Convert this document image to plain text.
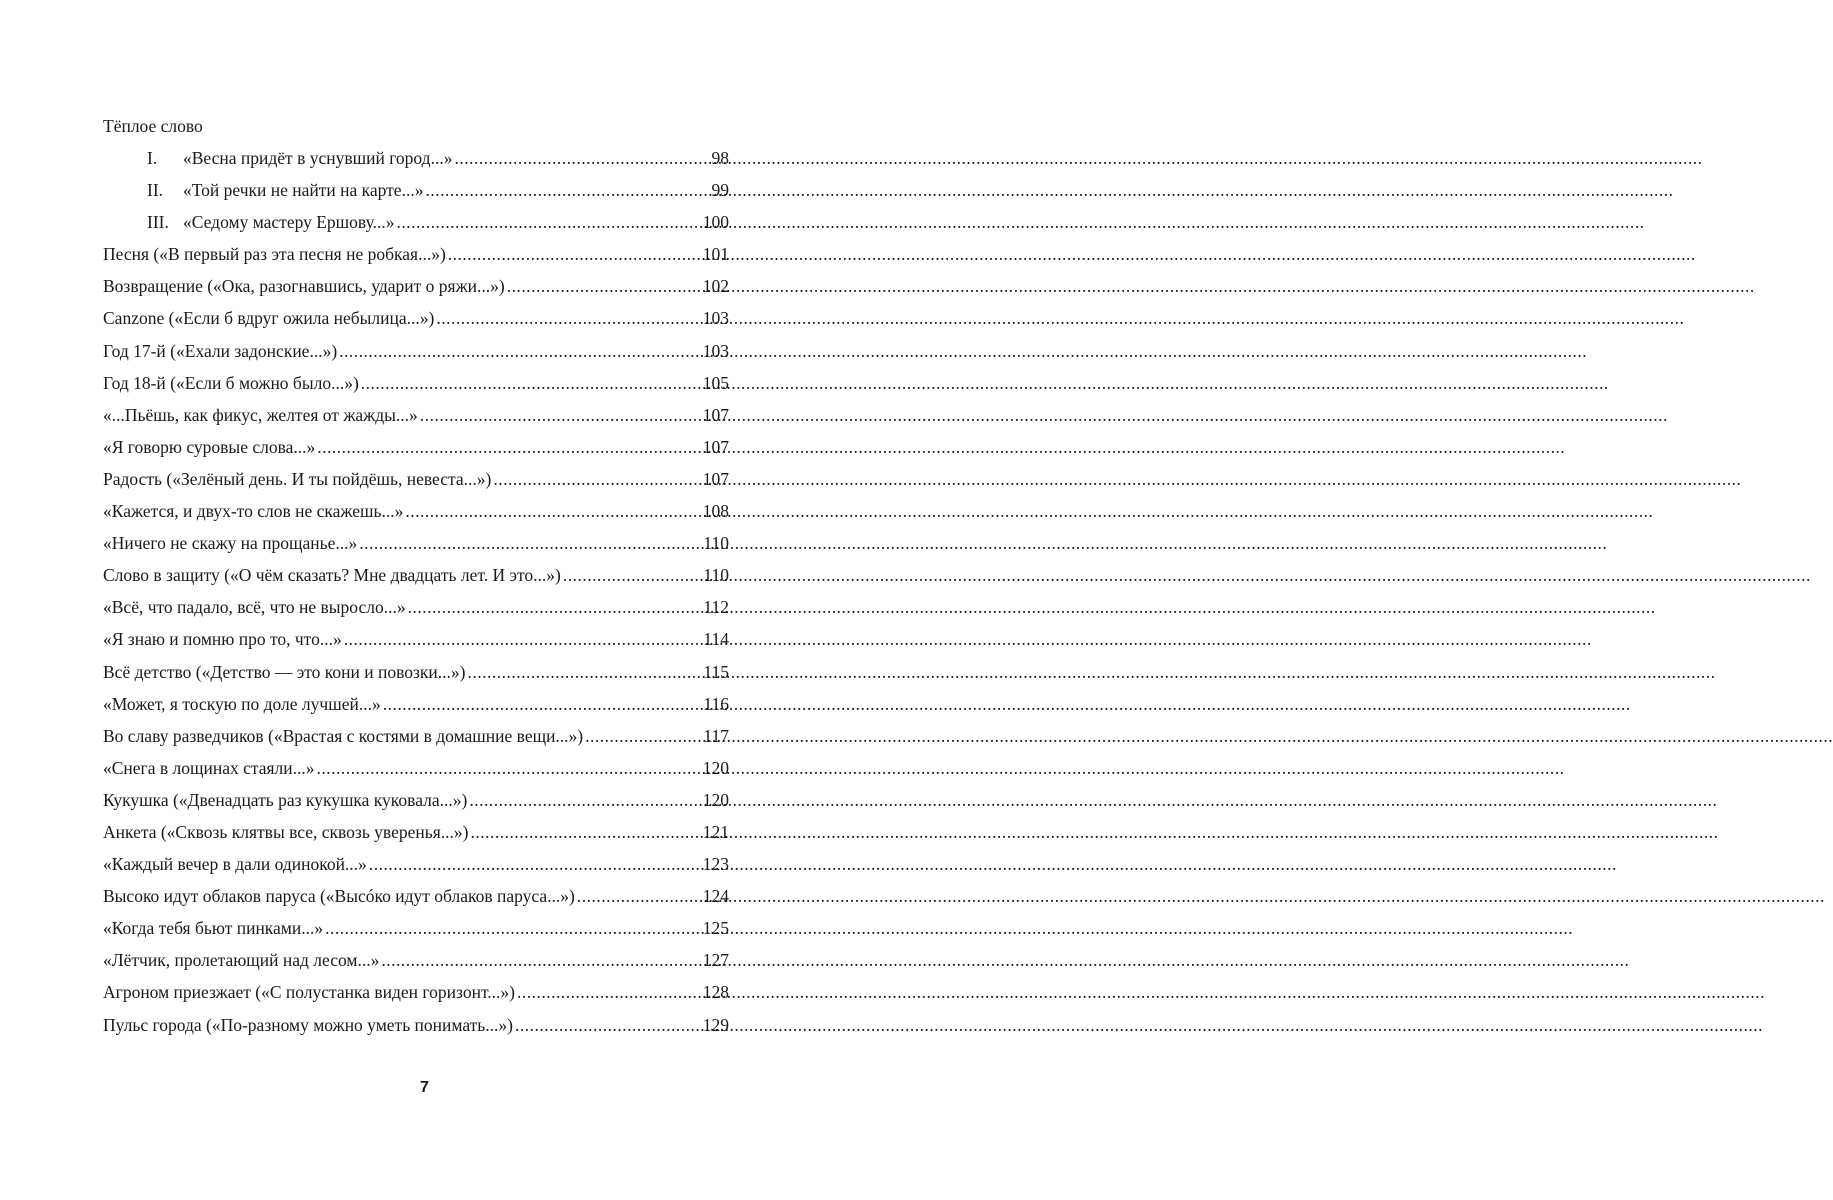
Тёплое слово
I.	«Весна придёт в уснувший город...» .....	98
II.	«Той речки не найти на карте...» .....	99
III. «Седому мастеру Ершову...» .....	100
Песня («В первый раз эта песня не робкая...») .....	101
Возвращение («Ока, разогнавшись, ударит о ряжи...») .....	102
Canzone («Если б вдруг ожила небылица...») .....	103
Год 17-й («Ехали задонские...») .....	103
Год 18-й («Если б можно было...») .....	105
«...Пьёшь, как фикус, желтея от жажды...» .....	107
«Я говорю суровые слова...» .....	107
Радость («Зелёный день. И ты пойдёшь, невеста...») .....	107
«Кажется, и двух-то слов не скажешь...» .....	108
«Ничего не скажу на прощанье...» .....	110
Слово в защиту («О чём сказать? Мне двадцать лет. И это...») .....	110
«Всё, что падало, всё, что не выросло...» .....	112
«Я знаю и помню про то, что...» .....	114
Всё детство («Детство — это кони и повозки...») .....	115
«Может, я тоскую по доле лучшей...» .....	116
Во славу разведчиков («Врастая с костями в домашние вещи...») .....	117
«Снега в лощинах стаяли...» .....	120
Кукушка («Двенадцать раз кукушка куковала...») .....	120
Анкета («Сквозь клятвы все, сквозь уверенья...») .....	121
«Каждый вечер в дали одинокой...» .....	123
Высоко идут облаков паруса («Высóко идут облаков паруса...») .....	124
«Когда тебя бьют пинками...» .....	125
«Лётчик, пролетающий над лесом...» .....	127
Агроном приезжает («С полустанка виден горизонт...») .....	128
Пульс города («По-разному можно уметь понимать...») .....	129
7
